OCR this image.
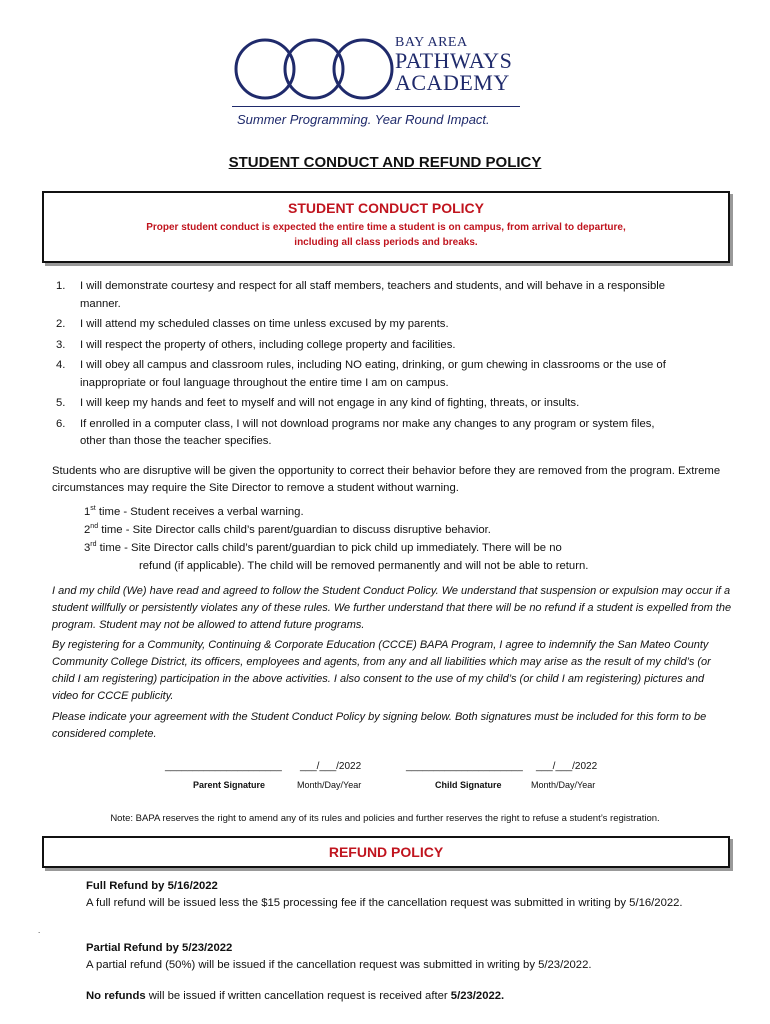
BAY AREA
PATHWAYS
ACADEMY
Summer Programming. Year Round Impact.
STUDENT CONDUCT AND REFUND POLICY
STUDENT CONDUCT POLICY
Proper student conduct is expected the entire time a student is on campus, from arrival to departure,
including all class periods and breaks.
1. I will demonstrate courtesy and respect for all staff members, teachers and students, and will behave in a responsible manner.
2. I will attend my scheduled classes on time unless excused by my parents.
3. I will respect the property of others, including college property and facilities.
4. I will obey all campus and classroom rules, including NO eating, drinking, or gum chewing in classrooms or the use of inappropriate or foul language throughout the entire time I am on campus.
5. I will keep my hands and feet to myself and will not engage in any kind of fighting, threats, or insults.
6. If enrolled in a computer class, I will not download programs nor make any changes to any program or system files, other than those the teacher specifies.
Students who are disruptive will be given the opportunity to correct their behavior before they are removed from the program. Extreme circumstances may require the Site Director to remove a student without warning.
1st time - Student receives a verbal warning.
2nd time - Site Director calls child’s parent/guardian to discuss disruptive behavior.
3rd time - Site Director calls child’s parent/guardian to pick child up immediately. There will be no
refund (if applicable). The child will be removed permanently and will not be able to return.
I and my child (We) have read and agreed to follow the Student Conduct Policy. We understand that suspension or expulsion may occur if a student willfully or persistently violates any of these rules. We further understand that there will be no refund if a student is expelled from the program. Student may not be allowed to attend future programs.
By registering for a Community, Continuing & Corporate Education (CCCE) BAPA Program, I agree to indemnify the San Mateo County Community College District, its officers, employees and agents, from any and all liabilities which may arise as the result of my child’s (or child I am registering) participation in the above activities. I also consent to the use of my child’s (or child I am registering) pictures and video for CCCE publicity.
Please indicate your agreement with the Student Conduct Policy by signing below. Both signatures must be included for this form to be considered complete.
_____________________ ___/___/2022
Parent Signature	Month/Day/Year
_____________________ ___/___/2022
Child Signature	Month/Day/Year
Note: BAPA reserves the right to amend any of its rules and policies and further reserves the right to refuse a student’s registration.
REFUND POLICY
Full Refund by 5/16/2022
A full refund will be issued less the $15 processing fee if the cancellation request was submitted in writing by 5/16/2022.
.
Partial Refund by 5/23/2022
A partial refund (50%) will be issued if the cancellation request was submitted in writing by 5/23/2022.
No refunds will be issued if written cancellation request is received after 5/23/2022.
